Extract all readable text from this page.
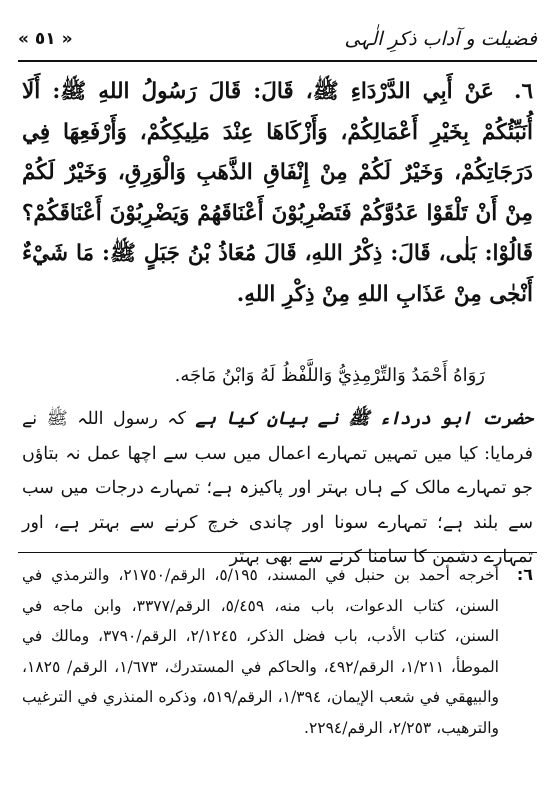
« ٥١ »	فضیلت و آداب ذکرِ الٰہی
٦. عَنْ أَبِي الدَّرْدَاءِ ﷺ، قَالَ: قَالَ رَسُولُ اللهِ ﷺ: أَلَا أُنَبِّئُكُمْ بِخَيْرِ أَعْمَالِكُمْ، وَأَزْكَاهَا عِنْدَ مَلِيكِكُمْ، وَأَرْفَعِهَا فِي دَرَجَاتِكُمْ، وَخَيْرٌ لَكُمْ مِنْ إِنْفَاقِ الذَّهَبِ وَالْوَرِقِ، وَخَيْرٌ لَكُمْ مِنْ أَنْ تَلْقَوْا عَدُوَّكُمْ فَتَضْرِبُوْنَ أَعْنَاقَهُمْ وَيَضْرِبُوْنَ أَعْنَاقَكُمْ؟ قَالُوْا: بَلٰى، قَالَ: ذِكْرُ اللهِ، قَالَ مُعَاذُ بْنُ جَبَلٍ ﷺ: مَا شَيْءٌ أَنْجٰى مِنْ عَذَابِ اللهِ مِنْ ذِكْرِ اللهِ.
رَوَاهُ أَحْمَدُ وَالتِّرْمِذِيُّ وَاللَّفْظُ لَهُ وَابْنُ مَاجَه.
حضرت ابو درداء ﷺ نے بیان کیا ہے کہ رسول اللہ ﷺ نے فرمایا: کیا میں تمہیں تمہارے اعمال میں سب سے اچھا عمل نہ بتاؤں جو تمہارے مالک کے ہاں بہتر اور پاکیزہ ہے؛ تمہارے درجات میں سب سے بلند ہے؛ تمہارے سونا اور چاندی خرچ کرنے سے بہتر ہے، اور تمہارے دشمن کا سامنا کرنے سے بھی بہتر
٦:
أخرجه أحمد بن حنبل في المسند، ٥/١٩٥، الرقم/٢١٧٥٠، والترمذي في السنن، كتاب الدعوات، باب منه، ٥/٤٥٩، الرقم/٣٣٧٧، وابن ماجه في السنن، كتاب الأدب، باب فضل الذكر، ٢/١٢٤٥، الرقم/٣٧٩٠، ومالك في الموطأ، ١/٢١١، الرقم/٤٩٢، والحاكم في المستدرك، ١/٦٧٣، الرقم/ ١٨٢٥، والبيهقي في شعب الإيمان، ١/٣٩٤، الرقم/٥١٩، وذكره المنذري في الترغيب والترهيب، ٢/٢٥٣، الرقم/٢٢٩٤.
